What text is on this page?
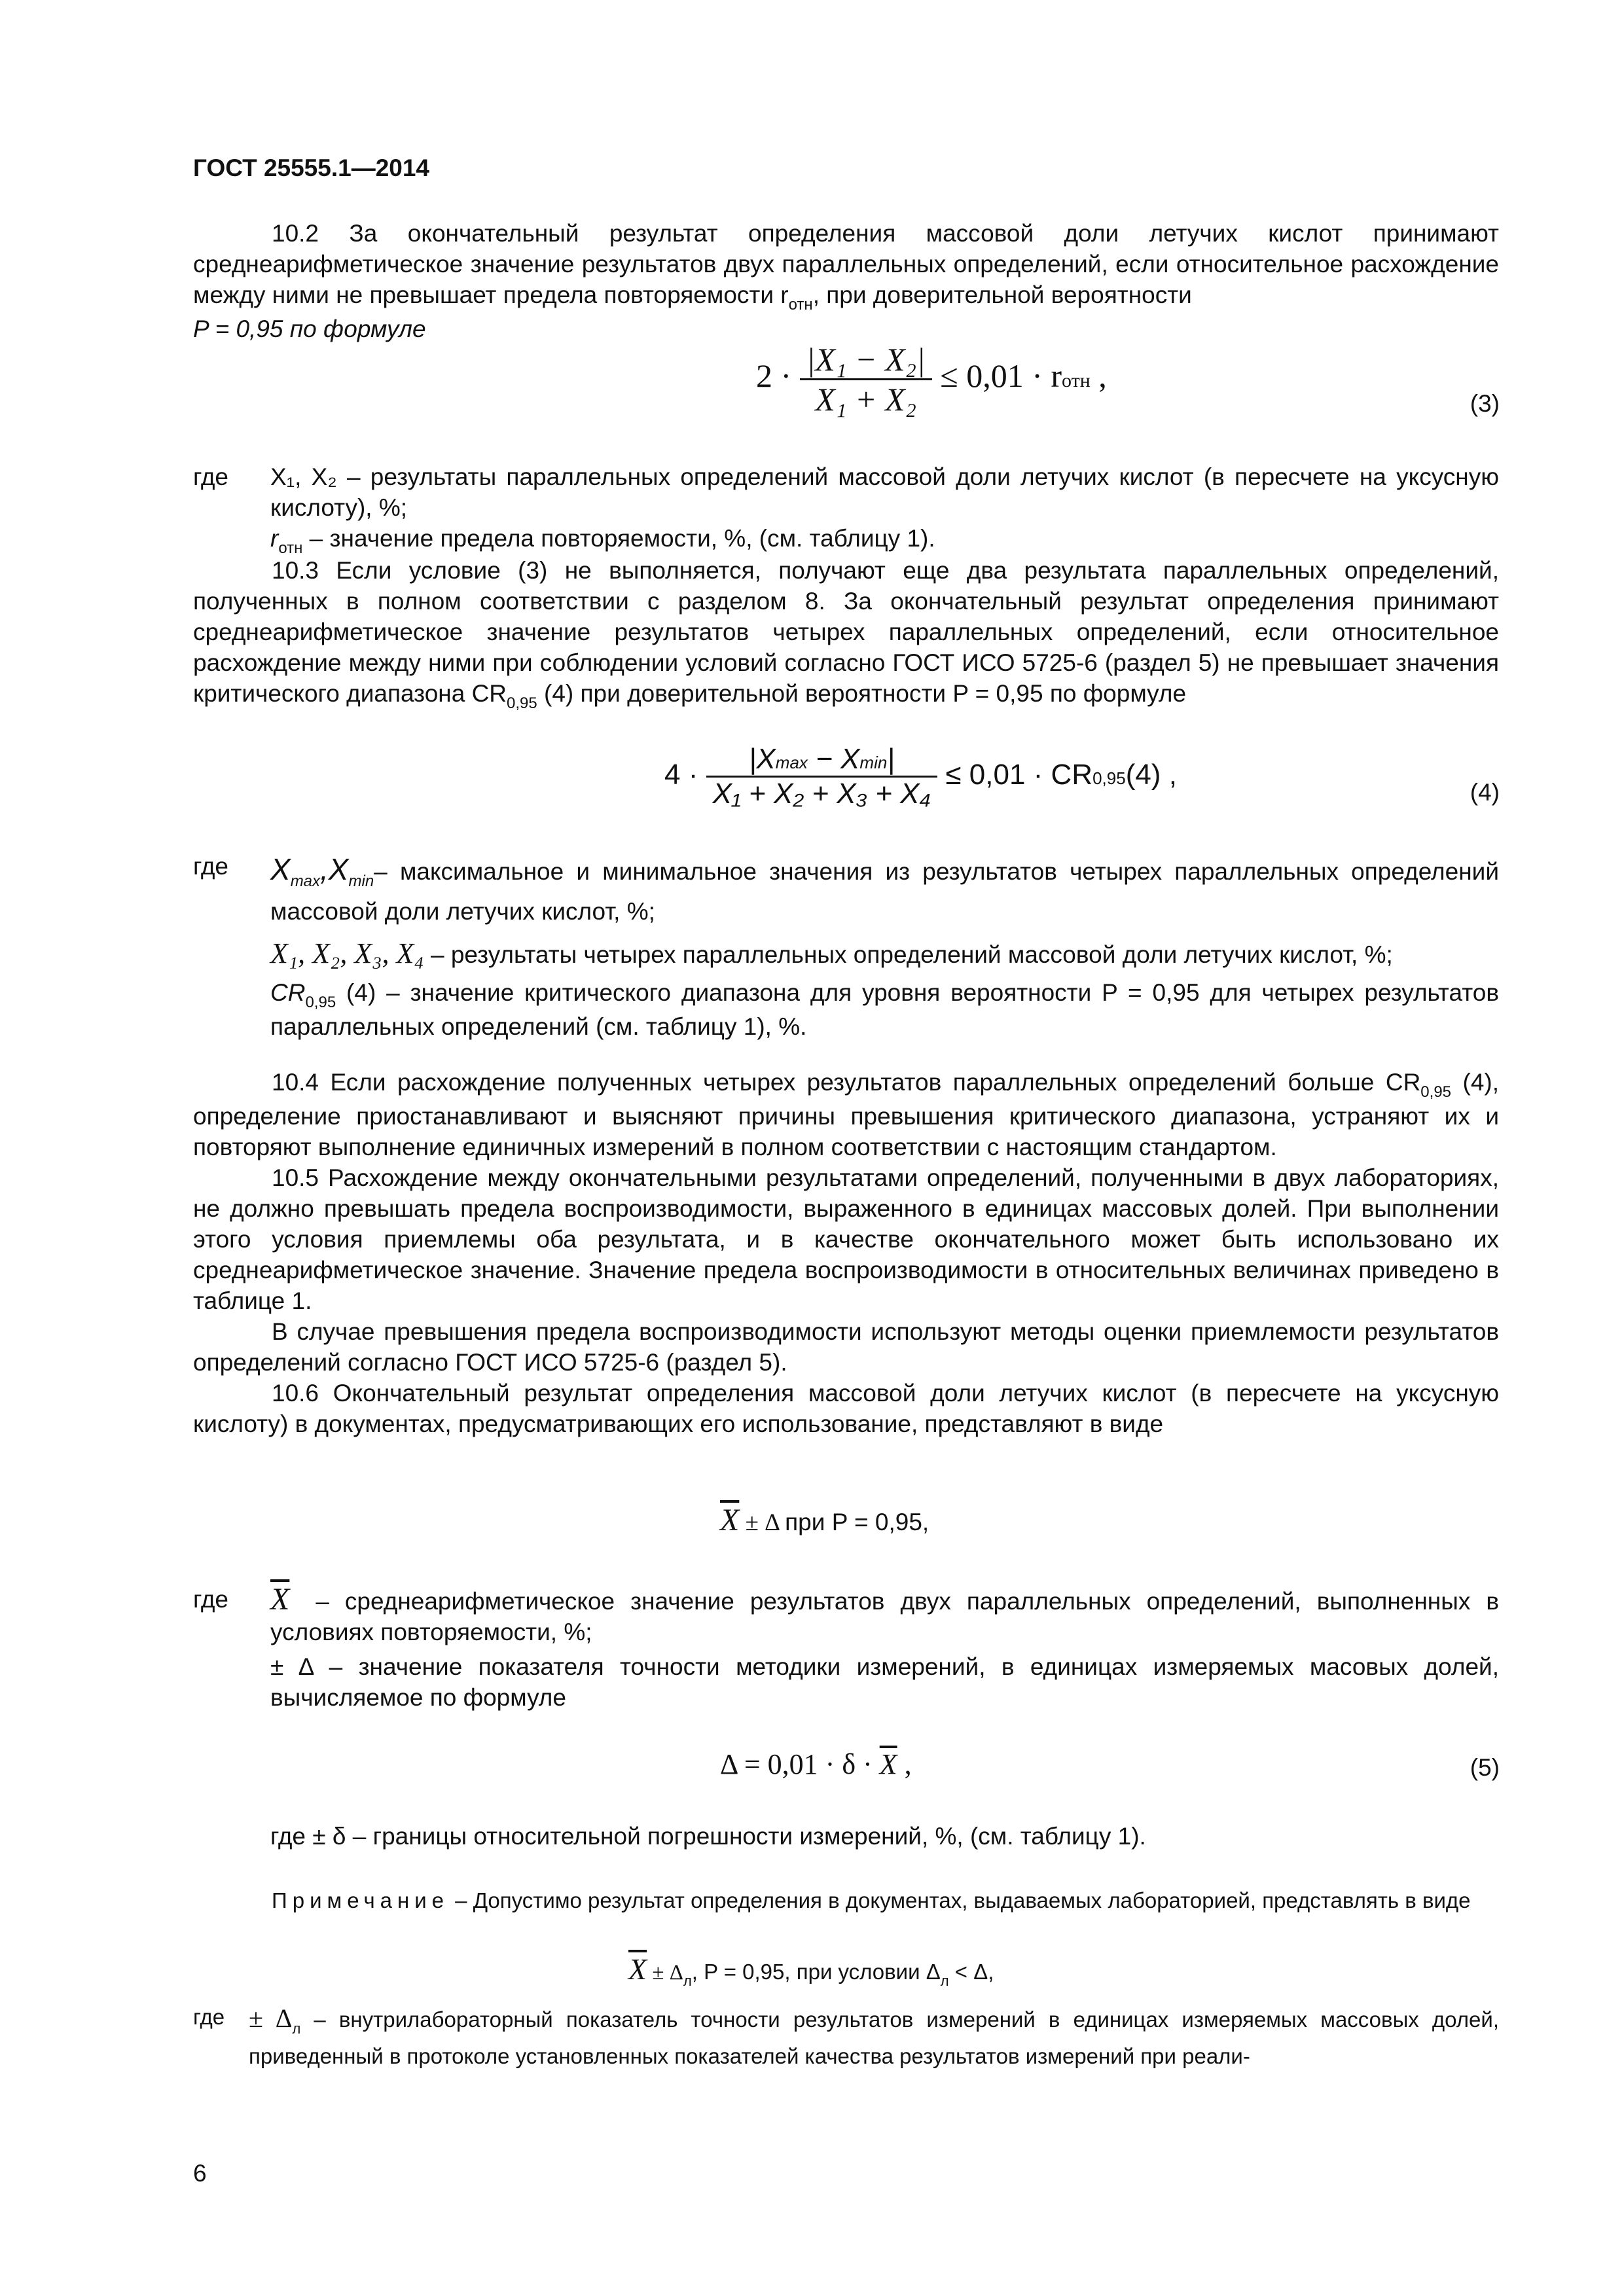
ГОСТ 25555.1—2014

10.2 За окончательный результат определения массовой доли летучих кислот принимают среднеарифметическое значение результатов двух параллельных определений, если относительное расхождение между ними не превышает предела повторяемости $r_{отн}$, при доверительной вероятности
P = 0,95 по формуле

$2 \cdot \frac{\text{|X₁ − X₂|}}{\text{X₁ + X₂}} \le 0,01$ · rотн ,
(3)
где X₁, X₂ – результаты параллельных определений массовой доли летучих кислот (в пересчете на уксусную кислоту), %;
$r_{отн}$ – значение предела повторяемости, %, (см. таблицу 1).

10.3 Если условие (3) не выполняется, получают еще два результата параллельных определений, полученных в полном соответствии с разделом 8. За окончательный результат определения принимают среднеарифметическое значение результатов четырех параллельных определений, если относительное расхождение между ними при соблюдении условий согласно ГОСТ ИСО 5725-6 (раздел 5) не превышает значения критического диапазона $CR_{0,95}$ (4) при доверительной вероятности P = 0,95 по формуле

$4 \cdot \frac{|Xmax - Xmin|}{\text{X₁ + X₂ + X₃ + X₄}} \le 0,01 \cdot CR0,95(4)$ ,
(4)
где $X_{max},X_{min}-$ максимальное и минимальное значения из результатов четырех параллельных определений массовой доли летучих кислот, %;
X₁, X₂, X₃, X₄ – результаты четырех параллельных определений массовой доли летучих кислот, %;
$CR_{0,95}$ (4) – значение критического диапазона для уровня вероятности P = 0,95 для четырех результатов параллельных определений (см. таблицу 1), %.

10.4 Если расхождение полученных четырех результатов параллельных определений больше $CR_{0,95}$ (4), определение приостанавливают и выясняют причины превышения критического диапазона, устраняют их и повторяют выполнение единичных измерений в полном соответствии с настоящим стандартом.

10.5 Расхождение между окончательными результатами определений, полученными в двух лабораториях, не должно превышать предела воспроизводимости, выраженного в единицах массовых долей. При выполнении этого условия приемлемы оба результата, и в качестве окончательного может быть использовано их среднеарифметическое значение. Значение предела воспроизводимости в относительных величинах приведено в таблице 1.

В случае превышения предела воспроизводимости используют методы оценки приемлемости результатов определений согласно ГОСТ ИСО 5725-6 (раздел 5).

10.6 Окончательный результат определения массовой доли летучих кислот (в пересчете на уксусную кислоту) в документах, предусматривающих его использование, представляют в виде

$\overline{X} \pm \Delta$ при P = 0,95,
где $\overline{X}$ – среднеарифметическое значение результатов двух параллельных определений, выполненных в условиях повторяемости, %;
± Δ – значение показателя точности методики измерений, в единицах измеряемых масовых долей, вычисляемое по формуле
$\Delta = 0,01 \cdot \delta \cdot \overline{X}$ ,	(5)
где ± δ – границы относительной погрешности измерений, %, (см. таблицу 1).

Примечание – Допустимо результат определения в документах, выдаваемых лабораторией, представлять в виде

$\overline{X} \pm \Delta_л$, P = 0,95, при условии $\Delta_л < \Delta$,
где ± $\Delta_л$ – внутрилабораторный показатель точности результатов измерений в единицах измеряемых массовых долей, приведенный в протоколе установленных показателей качества результатов измерений при реали-

6
